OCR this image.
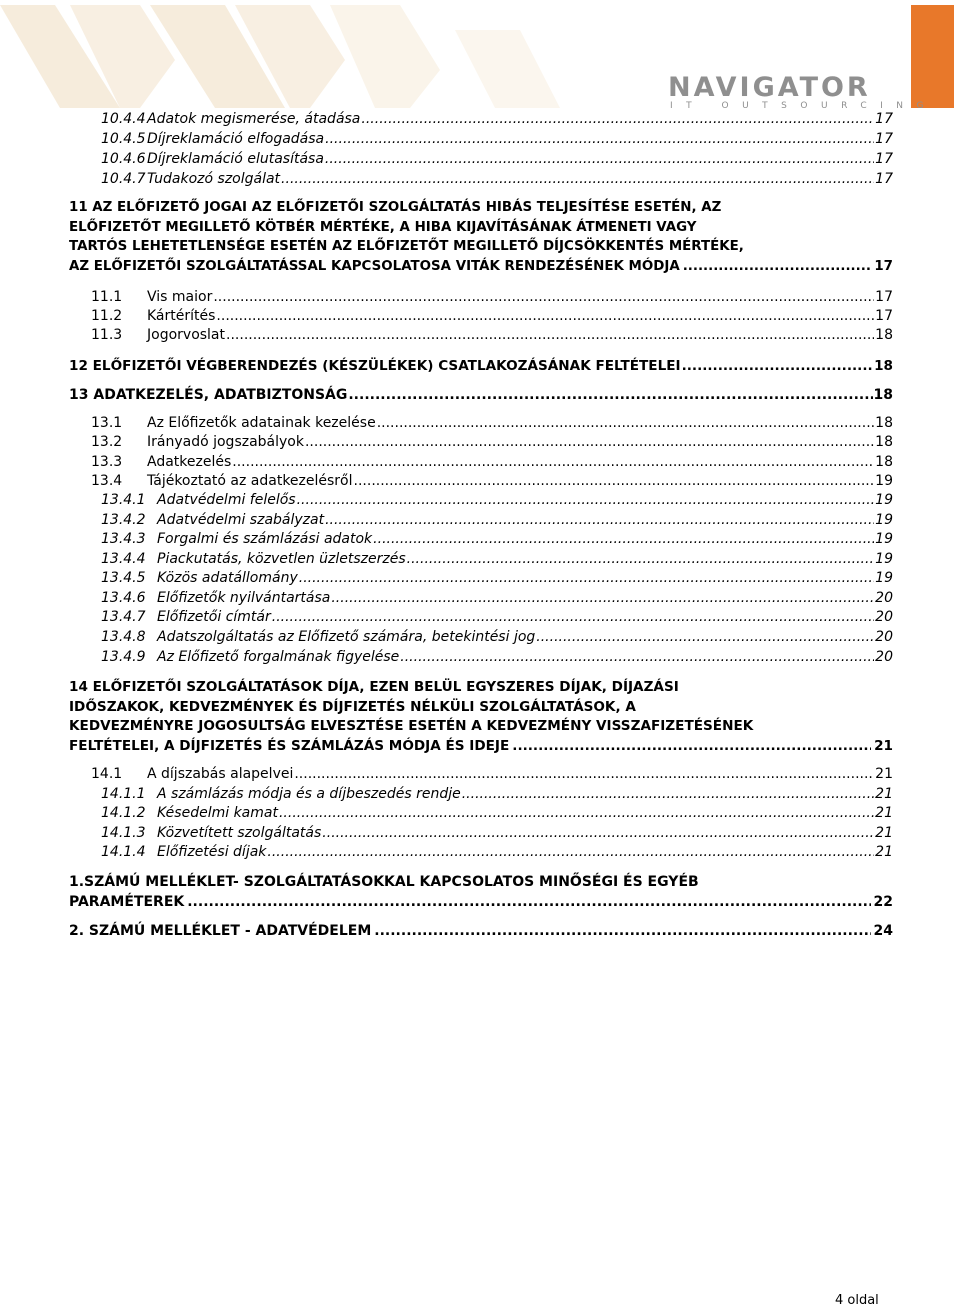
NAVIGATOR
IT OUTSOURCING
10.4.4 Adatok megismerése, átadása .....	17
10.4.5 Díjreklamáció elfogadása .....	17
10.4.6 Díjreklamáció elutasítása .....	17
10.4.7 Tudakozó szolgálat .....	17
11 AZ ELŐFIZETŐ JOGAI AZ ELŐFIZETŐI SZOLGÁLTATÁS HIBÁS TELJESÍTÉSE ESETÉN, AZ
ELŐFIZETŐT MEGILLETŐ KÖTBÉR MÉRTÉKE, A HIBA KIJAVÍTÁSÁNAK ÁTMENETI VAGY
TARTÓS LEHETETLENSÉGE ESETÉN AZ ELŐFIZETŐT MEGILLETŐ DÍJCSÖKKENTÉS MÉRTÉKE,
AZ ELŐFIZETŐI SZOLGÁLTATÁSSAL KAPCSOLATOSA VITÁK RENDEZÉSÉNEK MÓDJA .....	17
11.1	Vis maior .....	17
11.2	Kártérítés .....	17
11.3	Jogorvoslat .....	18
12 ELŐFIZETŐI VÉGBERENDEZÉS (KÉSZÜLÉKEK) CSATLAKOZÁSÁNAK FELTÉTELEI .....	18
13 ADATKEZELÉS, ADATBIZTONSÁG .....	18
13.1	Az Előfizetők adatainak kezelése .....	18
13.2	Irányadó jogszabályok .....	18
13.3	Adatkezelés .....	18
13.4	Tájékoztató az adatkezelésről .....	19
13.4.1 Adatvédelmi felelős .....	19
13.4.2 Adatvédelmi szabályzat .....	19
13.4.3 Forgalmi és számlázási adatok .....	19
13.4.4 Piackutatás, közvetlen üzletszerzés .....	19
13.4.5 Közös adatállomány .....	19
13.4.6 Előfizetők nyilvántartása .....	20
13.4.7 Előfizetői címtár .....	20
13.4.8 Adatszolgáltatás az Előfizető számára, betekintési jog .....	20
13.4.9 Az Előfizető forgalmának figyelése .....	20
14 ELŐFIZETŐI SZOLGÁLTATÁSOK DÍJA, EZEN BELÜL EGYSZERES DÍJAK, DÍJAZÁSI
IDŐSZAKOK, KEDVEZMÉNYEK ÉS DÍJFIZETÉS NÉLKÜLI SZOLGÁLTATÁSOK, A
KEDVEZMÉNYRE JOGOSULTSÁG ELVESZTÉSE ESETÉN A KEDVEZMÉNY VISSZAFIZETÉSÉNEK
FELTÉTELEI, A DÍJFIZETÉS ÉS SZÁMLÁZÁS MÓDJA ÉS IDEJE .....	21
14.1	A díjszabás alapelvei .....	21
14.1.1 A számlázás módja és a díjbeszedés rendje .....	21
14.1.2 Késedelmi kamat .....	21
14.1.3 Közvetített szolgáltatás .....	21
14.1.4 Előfizetési díjak .....	21
1.SZÁMÚ MELLÉKLET- SZOLGÁLTATÁSOKKAL KAPCSOLATOS MINŐSÉGI ÉS EGYÉB
PARAMÉTEREK .....	22
2. SZÁMÚ MELLÉKLET - ADATVÉDELEM .....	24
4 oldal
